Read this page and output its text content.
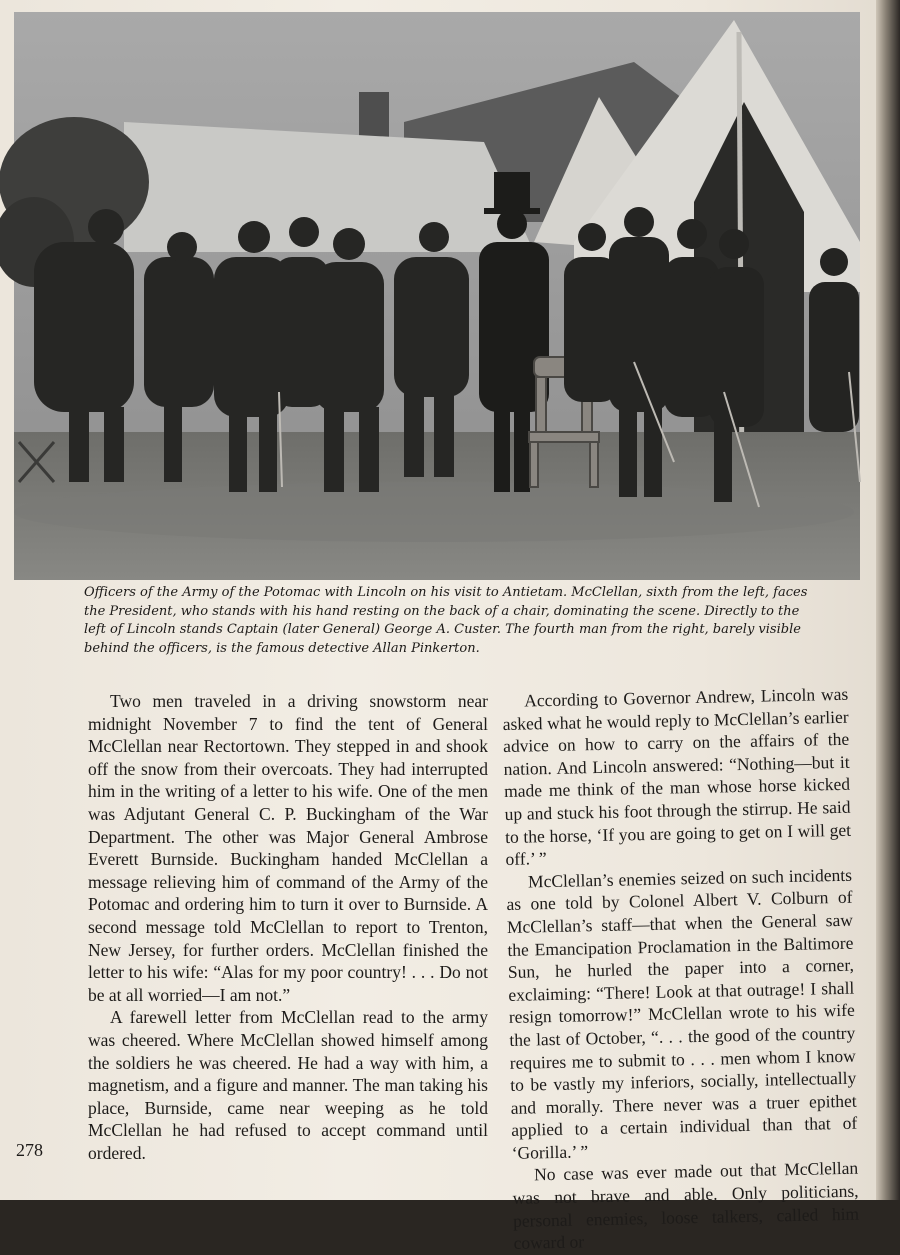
Officers of the Army of the Potomac with Lincoln on his visit to Antietam. McClellan, sixth from the left, faces the President, who stands with his hand resting on the back of a chair, dominating the scene. Directly to the left of Lincoln stands Captain (later General) George A. Custer. The fourth man from the right, barely visible behind the officers, is the famous detective Allan Pinkerton.

Two men traveled in a driving snowstorm near midnight November 7 to find the tent of General McClellan near Rectortown. They stepped in and shook off the snow from their overcoats. They had interrupted him in the writing of a letter to his wife. One of the men was Adjutant General C. P. Buckingham of the War Department. The other was Major General Ambrose Everett Burnside. Buckingham handed McClellan a message relieving him of command of the Army of the Potomac and ordering him to turn it over to Burnside. A second message told McClellan to report to Trenton, New Jersey, for further orders. McClellan finished the letter to his wife: “Alas for my poor country! . . . Do not be at all worried—I am not.”

A farewell letter from McClellan read to the army was cheered. Where McClellan showed himself among the soldiers he was cheered. He had a way with him, a magnetism, and a figure and manner. The man taking his place, Burnside, came near weeping as he told McClellan he had refused to accept command until ordered.

According to Governor Andrew, Lincoln was asked what he would reply to McClellan’s earlier advice on how to carry on the affairs of the nation. And Lincoln answered: “Nothing—but it made me think of the man whose horse kicked up and stuck his foot through the stirrup. He said to the horse, ‘If you are going to get on I will get off.’ ”

McClellan’s enemies seized on such incidents as one told by Colonel Albert V. Colburn of McClellan’s staff—that when the General saw the Emancipation Proclamation in the Baltimore Sun, he hurled the paper into a corner, exclaiming: “There! Look at that outrage! I shall resign tomorrow!” McClellan wrote to his wife the last of October, “. . . the good of the country requires me to submit to . . . men whom I know to be vastly my inferiors, socially, intellectually and morally. There never was a truer epithet applied to a certain individual than that of ‘Gorilla.’ ”

No case was ever made out that McClellan was not brave and able. Only politicians, personal enemies, loose talkers, called him coward or

278
